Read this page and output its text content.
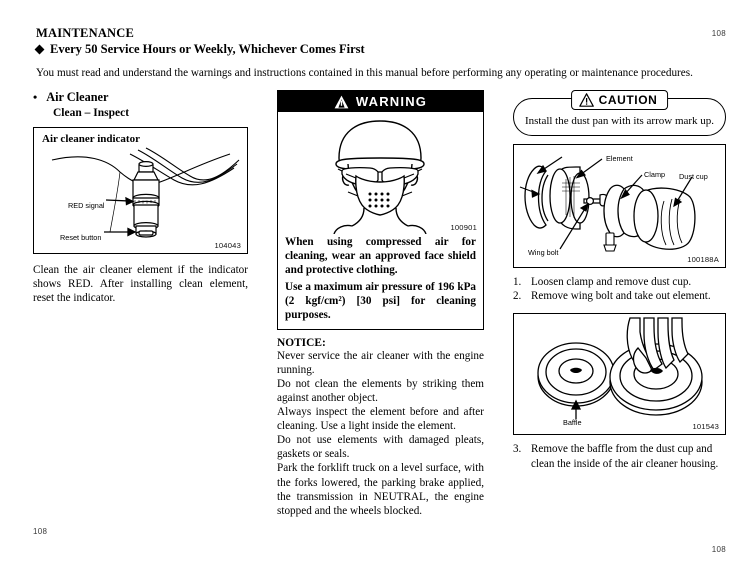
108
108
108
MAINTENANCE
Every 50 Service Hours or Weekly, Whichever Comes First
You must read and understand the warnings and instructions contained in this manual before performing any operating or maintenance procedures.
• Air Cleaner
Clean – Inspect
Air cleaner indicator
RED signal
Reset button
104043
Clean the air cleaner element if the indicator shows RED. After installing clean element, reset the indicator.
WARNING
100901

When using compressed air for cleaning, wear an approved face shield and protective clothing.

Use a maximum air pressure of 196 kPa (2 kgf/cm²) [30 psi] for cleaning purposes.

NOTICE:

Never service the air cleaner with the engine running.

Do not clean the elements by striking them against another object.

Always inspect the element before and after cleaning. Use a light inside the element.

Do not use elements with damaged pleats, gaskets or seals.

Park the forklift truck on a level surface, with the forks lowered, the parking brake applied, the transmission in NEUTRAL, the engine stopped and the wheels blocked.

CAUTION
Install the dust pan with its arrow mark up.
Element
Clamp Dust cup
Wing bolt
100188A
1. Loosen clamp and remove dust cup.
2. Remove wing bolt and take out element.
Baffle	101543
3. Remove the baffle from the dust cup and clean the inside of the air cleaner housing.
